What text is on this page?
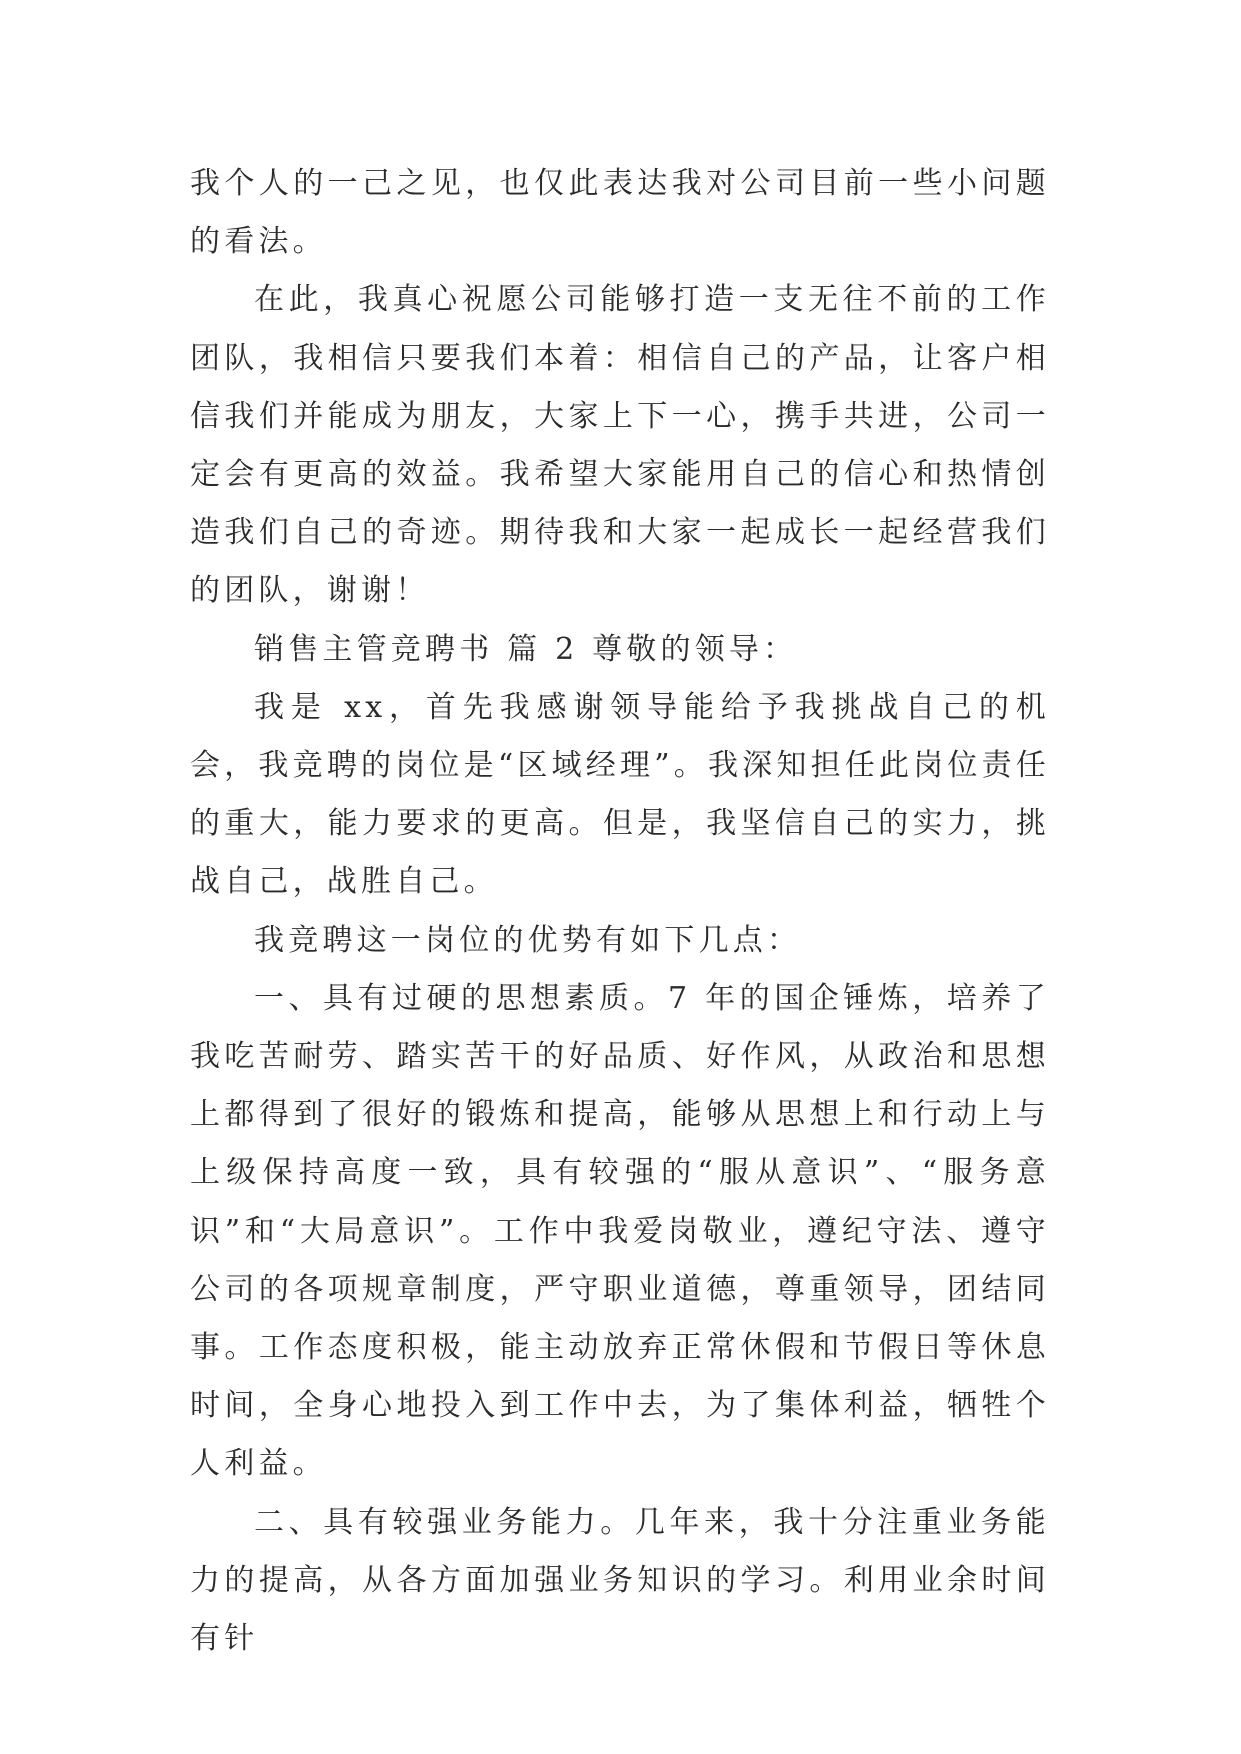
我个人的一己之见，也仅此表达我对公司目前一些小问题的看法。

在此，我真心祝愿公司能够打造一支无往不前的工作团队，我相信只要我们本着：相信自己的产品，让客户相信我们并能成为朋友，大家上下一心，携手共进，公司一定会有更高的效益。我希望大家能用自己的信心和热情创造我们自己的奇迹。期待我和大家一起成长一起经营我们的团队，谢谢！

销售主管竞聘书 篇 2 尊敬的领导：

我是 xx，首先我感谢领导能给予我挑战自己的机会，我竞聘的岗位是“区域经理”。我深知担任此岗位责任的重大，能力要求的更高。但是，我坚信自己的实力，挑战自己，战胜自己。

我竞聘这一岗位的优势有如下几点：

一、具有过硬的思想素质。7 年的国企锤炼，培养了我吃苦耐劳、踏实苦干的好品质、好作风，从政治和思想上都得到了很好的锻炼和提高，能够从思想上和行动上与上级保持高度一致，具有较强的“服从意识”、“服务意识”和“大局意识”。工作中我爱岗敬业，遵纪守法、遵守公司的各项规章制度，严守职业道德，尊重领导，团结同事。工作态度积极，能主动放弃正常休假和节假日等休息时间，全身心地投入到工作中去，为了集体利益，牺牲个人利益。

二、具有较强业务能力。几年来，我十分注重业务能力的提高，从各方面加强业务知识的学习。利用业余时间有针
